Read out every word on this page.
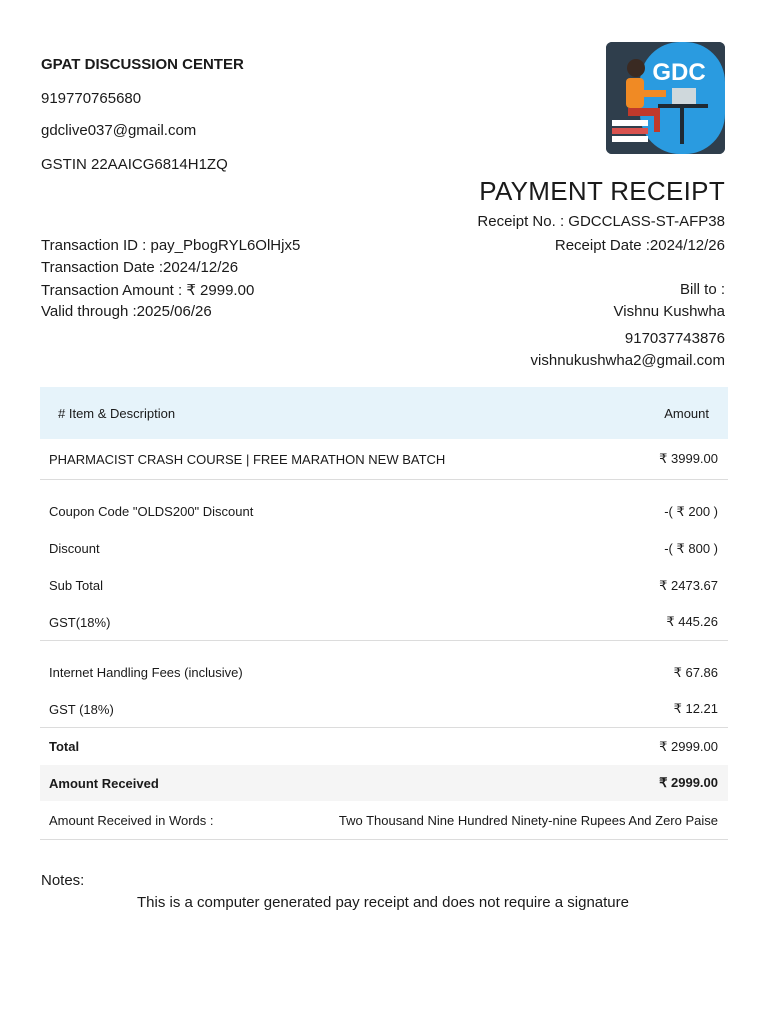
GPAT DISCUSSION CENTER
919770765680
gdclive037@gmail.com
GSTIN 22AAICG6814H1ZQ
GDC
PAYMENT RECEIPT
Receipt No. : GDCCLASS-ST-AFP38
Receipt Date :2024/12/26
Transaction ID : pay_PbogRYL6OlHjx5
Transaction Date :2024/12/26
Transaction Amount : ₹ 2999.00
Valid through :2025/06/26
Bill to :
Vishnu Kushwha
917037743876
vishnukushwha2@gmail.com
# Item & Description	Amount
PHARMACIST CRASH COURSE | FREE MARATHON NEW BATCH	₹ 3999.00
Coupon Code "OLDS200" Discount	-( ₹ 200 )
Discount	-( ₹ 800 )
Sub Total	₹ 2473.67
GST(18%)	₹ 445.26
Internet Handling Fees (inclusive)	₹ 67.86
GST (18%)	₹ 12.21
Total	₹ 2999.00
Amount Received	₹ 2999.00
Amount Received in Words :	Two Thousand Nine Hundred Ninety-nine Rupees And Zero Paise
Notes:
This is a computer generated pay receipt and does not require a signature
